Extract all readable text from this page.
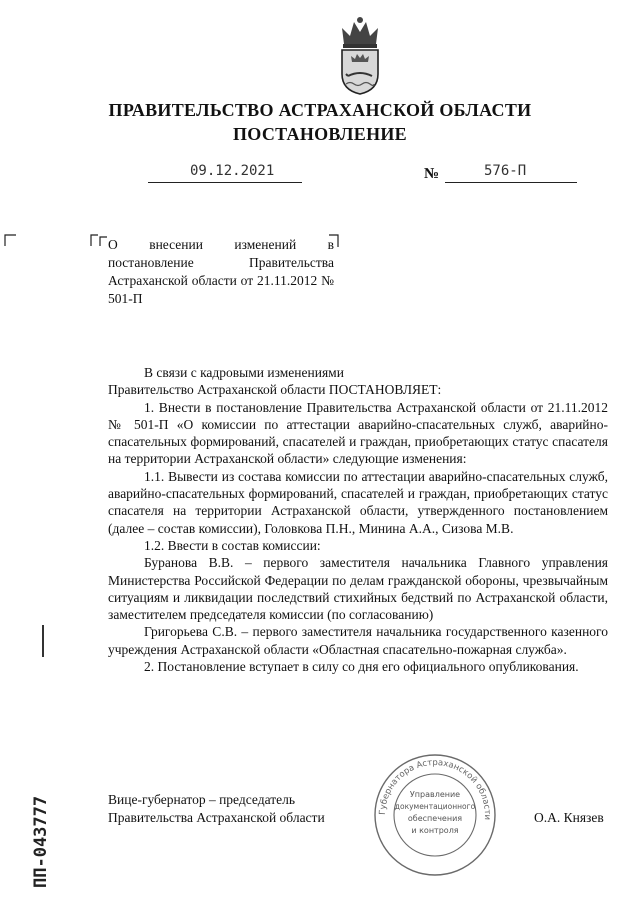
ПРАВИТЕЛЬСТВО АСТРАХАНСКОЙ ОБЛАСТИ
ПОСТАНОВЛЕНИЕ
09.12.2021	№	576-П
О внесении изменений в постановление Правительства Астраханской области от 21.11.2012 № 501-П

В связи с кадровыми изменениями

Правительство Астраханской области ПОСТАНОВЛЯЕТ:

1. Внести в постановление Правительства Астраханской области от 21.11.2012 № 501-П «О комиссии по аттестации аварийно-спасательных служб, аварийно-спасательных формирований, спасателей и граждан, приобретающих статус спасателя на территории Астраханской области» следующие изменения:

1.1. Вывести из состава комиссии по аттестации аварийно-спасательных служб, аварийно-спасательных формирований, спасателей и граждан, приобретающих статус спасателя на территории Астраханской области, утвержденного постановлением (далее – состав комиссии), Головкова П.Н., Минина А.А., Сизова М.В.

1.2. Ввести в состав комиссии:

Буранова В.В. – первого заместителя начальника Главного управления Министерства Российской Федерации по делам гражданской обороны, чрезвычайным ситуациям и ликвидации последствий стихийных бедствий по Астраханской области, заместителем председателя комиссии (по согласованию)

Григорьева С.В. – первого заместителя начальника государственного казенного учреждения Астраханской области «Областная спасательно-пожарная служба».

2. Постановление вступает в силу со дня его официального опубликования.

Вице-губернатор – председатель
Правительства Астраханской области	О.А. Князев
Губернатора Астраханской области
Управление
документационного
обеспечения
и контроля
ПП-043777
